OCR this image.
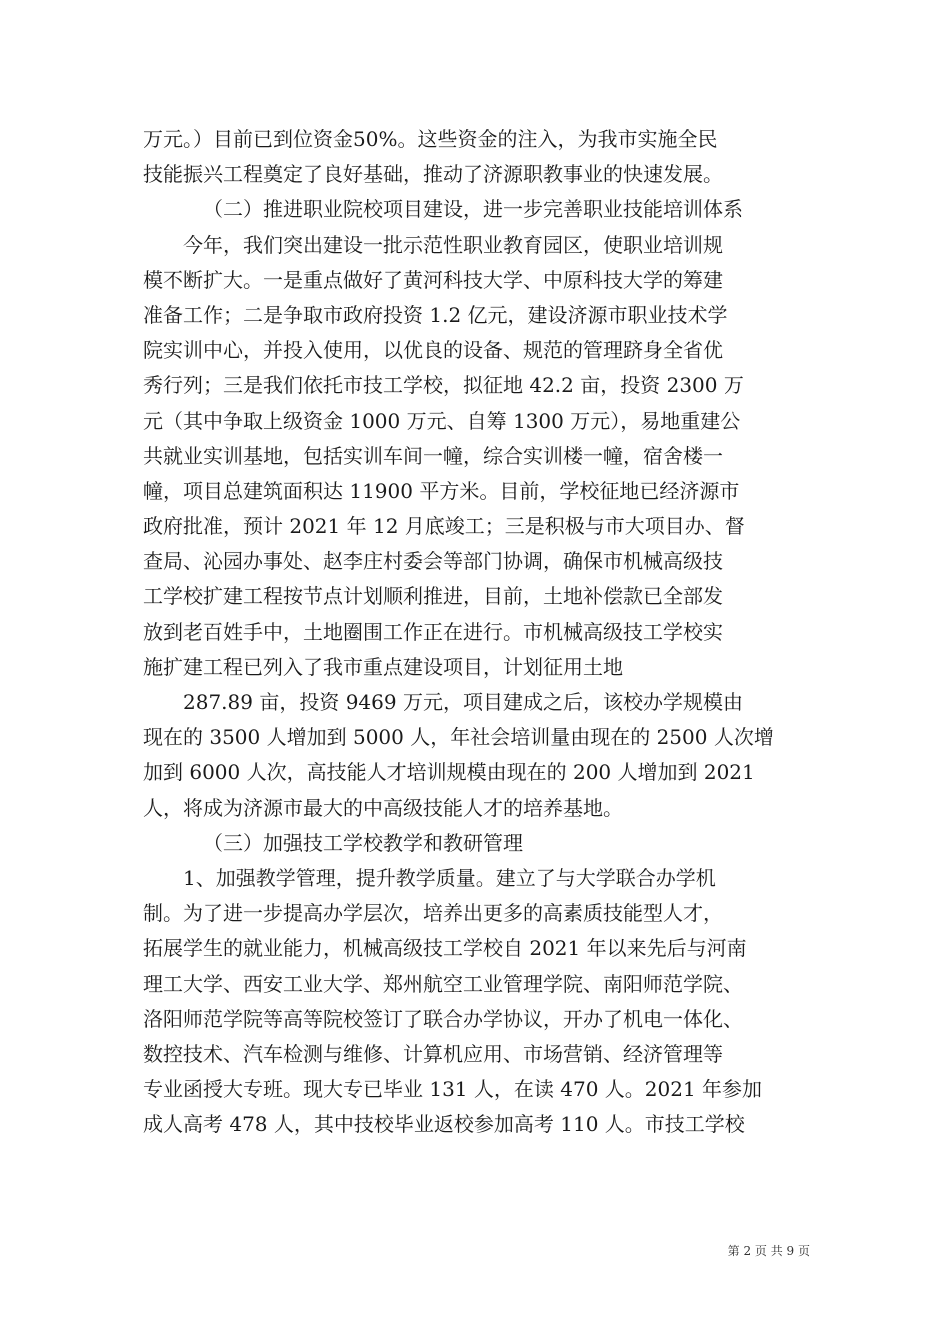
万元。）目前已到位资金50%。这些资金的注入，为我市实施全民
技能振兴工程奠定了良好基础，推动了济源职教事业的快速发展。
（二）推进职业院校项目建设，进一步完善职业技能培训体系
今年，我们突出建设一批示范性职业教育园区，使职业培训规
模不断扩大。一是重点做好了黄河科技大学、中原科技大学的筹建
准备工作；二是争取市政府投资 1.2 亿元，建设济源市职业技术学
院实训中心，并投入使用，以优良的设备、规范的管理跻身全省优
秀行列；三是我们依托市技工学校，拟征地 42.2 亩，投资 2300 万
元（其中争取上级资金 1000 万元、自筹 1300 万元），易地重建公
共就业实训基地，包括实训车间一幢，综合实训楼一幢，宿舍楼一
幢，项目总建筑面积达 11900 平方米。目前，学校征地已经济源市
政府批准，预计 2021 年 12 月底竣工；三是积极与市大项目办、督
查局、沁园办事处、赵李庄村委会等部门协调，确保市机械高级技
工学校扩建工程按节点计划顺利推进，目前，土地补偿款已全部发
放到老百姓手中，土地圈围工作正在进行。市机械高级技工学校实
施扩建工程已列入了我市重点建设项目，计划征用土地
287.89 亩，投资 9469 万元，项目建成之后，该校办学规模由
现在的 3500 人增加到 5000 人，年社会培训量由现在的 2500 人次增
加到 6000 人次，高技能人才培训规模由现在的 200 人增加到 2021
人，将成为济源市最大的中高级技能人才的培养基地。
（三）加强技工学校教学和教研管理
1、加强教学管理，提升教学质量。建立了与大学联合办学机
制。为了进一步提高办学层次，培养出更多的高素质技能型人才，
拓展学生的就业能力，机械高级技工学校自 2021 年以来先后与河南
理工大学、西安工业大学、郑州航空工业管理学院、南阳师范学院、
洛阳师范学院等高等院校签订了联合办学协议，开办了机电一体化、
数控技术、汽车检测与维修、计算机应用、市场营销、经济管理等
专业函授大专班。现大专已毕业 131 人，在读 470 人。2021 年参加
成人高考 478 人，其中技校毕业返校参加高考 110 人。市技工学校
第 2 页 共 9 页
